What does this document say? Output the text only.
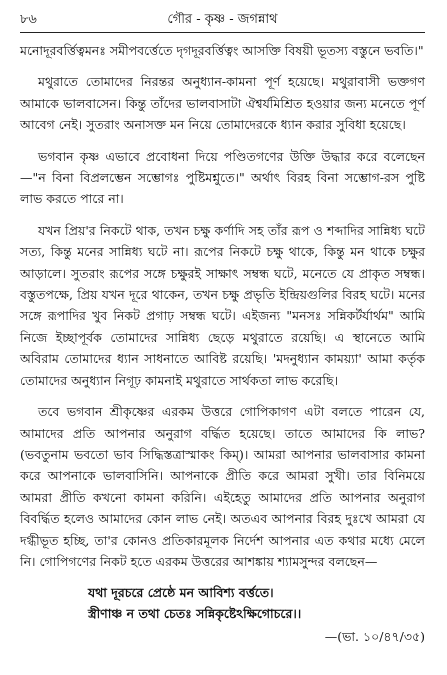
৮৬	গৌর - কৃষ্ণ - জগন্নাথ

মনোদূরবর্ত্তিত্বমনঃ সমীপবর্ত্তেতে দৃগদূরবর্ত্তিত্বং আসক্তি বিষয়ী ভূতস্য বস্তুনে ভবতি।"

মথুরাতে তোমাদের নিরন্তর অনুধ্যান-কামনা পূর্ণ হয়েছে। মথুরাবাসী ভক্তগণ আমাকে ভালবাসেন। কিন্তু তাঁদের ভালবাসাটা ঐশ্বর্যমিশ্রিত হওয়ার জন্য মনেতে পূর্ণ আবেগ নেই। সুতরাং অনাসক্ত মন নিয়ে তোমাদেরকে ধ্যান করার সুবিধা হয়েছে।

ভগবান কৃষ্ণ এভাবে প্রবোধনা দিয়ে পণ্ডিতগণের উক্তি উদ্ধার করে বলেছেন—"ন বিনা বিপ্রলম্ভেন সম্ভোগঃ পুষ্টিমশ্নুতে।" অর্থাৎ বিরহ বিনা সম্ভোগ-রস পুষ্টি লাভ করতে পারে না।

যখন প্রিয়'র নিকটে থাক, তখন চক্ষু কর্ণাদি সহ তাঁর রূপ ও শব্দাদির সান্নিধ্য ঘটে সত্য, কিন্তু মনের সান্নিধ্য ঘটে না। রূপের নিকটে চক্ষু থাকে, কিন্তু মন থাকে চক্ষুর আড়ালে। সুতরাং রূপের সঙ্গে চক্ষুরই সাক্ষাৎ সম্বন্ধ ঘটে, মনেতে যে প্রাকৃত সম্বন্ধ। বস্তুতপক্ষে, প্রিয় যখন দূরে থাকেন, তখন চক্ষু প্রভৃতি ইন্দ্রিয়গুলির বিরহ ঘটে। মনের সঙ্গে রূপাদির খুব নিকট প্রগাঢ় সম্বন্ধ ঘটে। এইজন্য "মনসঃ সন্নিকর্টর্যার্থম" আমি নিজে ইচ্ছাপূর্বক তোমাদের সান্নিধ্য ছেড়ে মথুরাতে রয়েছি। এ স্থানেতে আমি অবিরাম তোমাদের ধ্যান সাধনাতে আবিষ্ট রয়েছি। 'মদনুধ্যান কাময়্যা' আমা কর্তৃক তোমাদের অনুধ্যান নিগূঢ় কামনাই মথুরাতে সার্থকতা লাভ করেছি।

তবে ভগবান শ্রীকৃষ্ণের এরকম উত্তরে গোপিকাগণ এটা বলতে পারেন যে, আমাদের প্রতি আপনার অনুরাগ বর্দ্ধিত হয়েছে। তাতে আমাদের কি লাভ? (ভবতুনাম ভবতো ভাব সিদ্ধিস্তত্রাস্মাকং কিম্)। আমরা আপনার ভালবাসার কামনা করে আপনাকে ভালবাসিনি। আপনাকে প্রীতি করে আমরা সুখী। তার বিনিময়ে আমরা প্রীতি কখনো কামনা করিনি। এইহেতু আমাদের প্রতি আপনার অনুরাগ বিবর্দ্ধিত হলেও আমাদের কোন লাভ নেই। অতএব আপনার বিরহ দুঃখে আমরা যে দগ্ধীভূত হচ্ছি, তা'র কোনও প্রতিকারমূলক নির্দেশ আপনার এত কথার মধ্যে মেলে নি। গোপিগণের নিকট হতে এরকম উত্তরের আশঙ্কায় শ্যামসুন্দর বলছেন—

যথা দূরচরে প্রেষ্ঠে মন আবিশ্য বর্ত্ততে।
স্ত্রীণাঞ্চ ন তথা চেতঃ সন্নিকৃষ্টেঽক্ষিগোচরে।।
—(ভা. ১০/৪৭/৩৫)
